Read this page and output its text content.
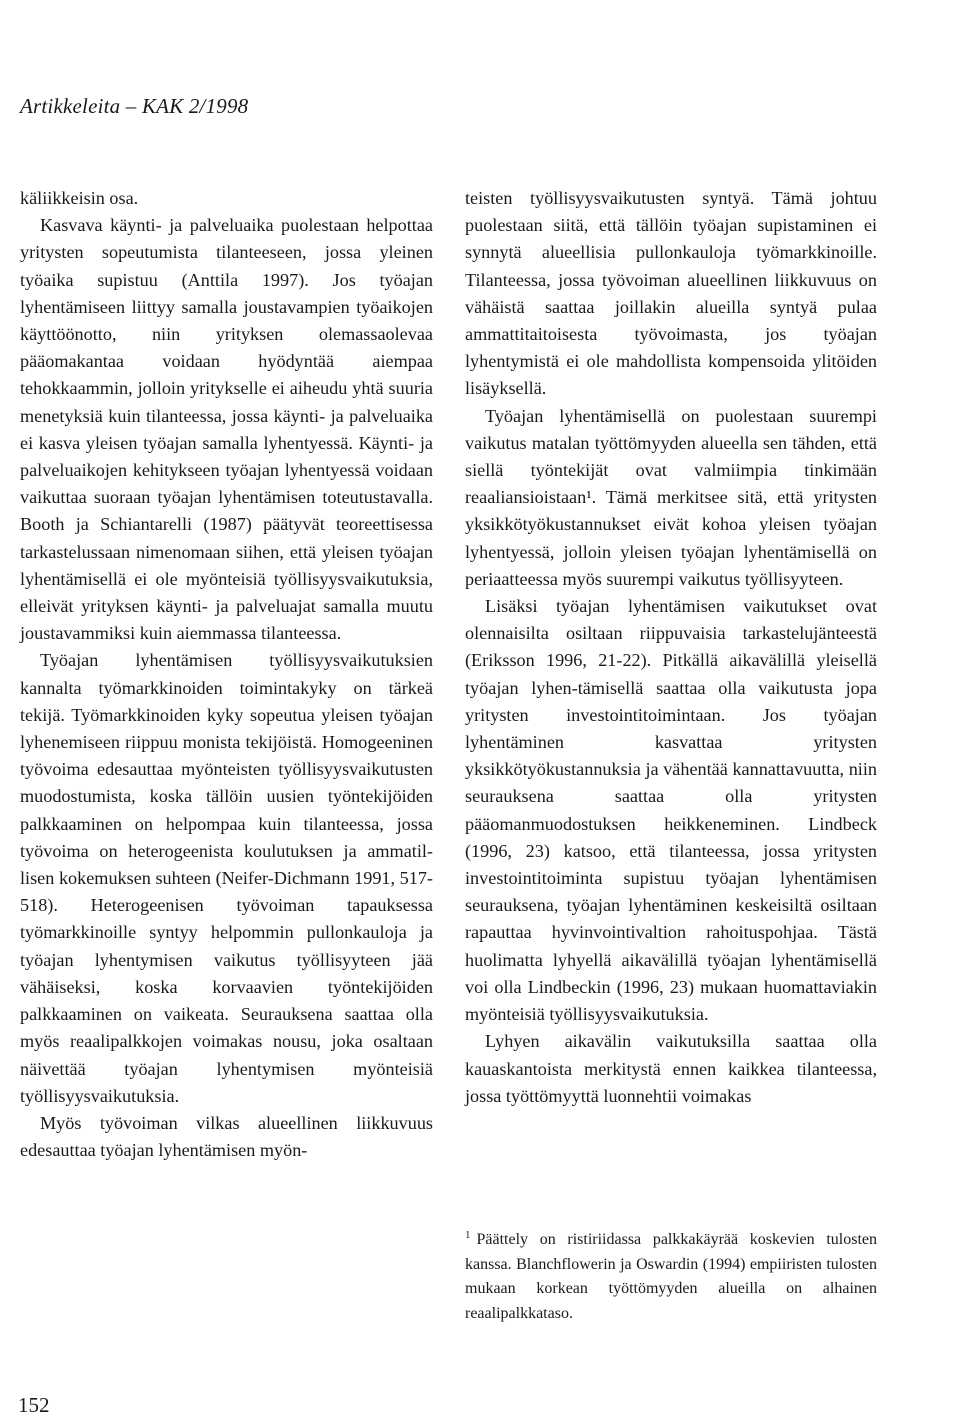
Artikkeleita – KAK 2/1998

käliikkeisin osa.

Kasvava käynti- ja palveluaika puolestaan helpottaa yritysten sopeutumista tilanteeseen, jossa yleinen työaika supistuu (Anttila 1997). Jos työajan lyhentämiseen liittyy samalla joustavampien työaikojen käyttöönotto, niin yrityksen olemassaolevaa pääomakantaa voidaan hyödyntää aiempaa tehokkaammin, jolloin yritykselle ei aiheudu yhtä suuria menetyksiä kuin tilanteessa, jossa käynti- ja palveluaika ei kasva yleisen työajan samalla lyhentyessä. Käynti- ja palveluaikojen kehitykseen työajan lyhentyessä voidaan vaikuttaa suoraan työajan lyhentämisen toteutustavalla. Booth ja Schiantarelli (1987) päätyvät teoreettisessa tarkastelussaan nimenomaan siihen, että yleisen työajan lyhentämisellä ei ole myönteisiä työllisyysvaikutuksia, elleivät yrityksen käynti- ja palveluajat samalla muutu joustavammiksi kuin aiemmassa tilanteessa.

Työajan lyhentämisen työllisyysvaikutuksien kannalta työmarkkinoiden toimintakyky on tärkeä tekijä. Työmarkkinoiden kyky sopeutua yleisen työajan lyhenemiseen riippuu monista tekijöistä. Homogeeninen työvoima edesauttaa myönteisten työllisyysvaikutusten muodostumista, koska tällöin uusien työntekijöiden palkkaaminen on helpompaa kuin tilanteessa, jossa työvoima on heterogeenista koulutuksen ja ammatil-lisen kokemuksen suhteen (Neifer-Dichmann 1991, 517-518). Heterogeenisen työvoiman tapauksessa työmarkkinoille syntyy helpommin pullonkauloja ja työajan lyhentymisen vaikutus työllisyyteen jää vähäiseksi, koska korvaavien työntekijöiden palkkaaminen on vaikeata. Seurauksena saattaa olla myös reaalipalkkojen voimakas nousu, joka osaltaan näivettää työajan lyhentymisen myönteisiä työllisyysvaikutuksia.

Myös työvoiman vilkas alueellinen liikkuvuus edesauttaa työajan lyhentämisen myön-

teisten työllisyysvaikutusten syntyä. Tämä johtuu puolestaan siitä, että tällöin työajan supistaminen ei synnytä alueellisia pullonkauloja työmarkkinoille. Tilanteessa, jossa työvoiman alueellinen liikkuvuus on vähäistä saattaa joillakin alueilla syntyä pulaa ammattitaitoisesta työvoimasta, jos työajan lyhentymistä ei ole mahdollista kompensoida ylitöiden lisäyksellä.

Työajan lyhentämisellä on puolestaan suurempi vaikutus matalan työttömyyden alueella sen tähden, että siellä työntekijät ovat valmiimpia tinkimään reaaliansioistaan¹. Tämä merkitsee sitä, että yritysten yksikkötyökustannukset eivät kohoa yleisen työajan lyhentyessä, jolloin yleisen työajan lyhentämisellä on periaatteessa myös suurempi vaikutus työllisyyteen.

Lisäksi työajan lyhentämisen vaikutukset ovat olennaisilta osiltaan riippuvaisia tarkastelujänteestä (Eriksson 1996, 21-22). Pitkällä aikavälillä yleisellä työajan lyhen-tämisellä saattaa olla vaikutusta jopa yritysten investointitoimintaan. Jos työajan lyhentäminen kasvattaa yritysten yksikkötyökustannuksia ja vähentää kannattavuutta, niin seurauksena saattaa olla yritysten pääomanmuodostuksen heikkeneminen. Lindbeck (1996, 23) katsoo, että tilanteessa, jossa yritysten investointitoiminta supistuu työajan lyhentämisen seurauksena, työajan lyhentäminen keskeisiltä osiltaan rapauttaa hyvinvointivaltion rahoituspohjaa. Tästä huolimatta lyhyellä aikavälillä työajan lyhentämisellä voi olla Lindbeckin (1996, 23) mukaan huomattaviakin myönteisiä työllisyysvaikutuksia.

Lyhyen aikavälin vaikutuksilla saattaa olla kauaskantoista merkitystä ennen kaikkea tilanteessa, jossa työttömyyttä luonnehtii voimakas

$^1$ Päättely on ristiriidassa palkkakäyrää koskevien tulosten kanssa. Blanchflowerin ja Oswardin (1994) empiiristen tulosten mukaan korkean työttömyyden alueilla on alhainen reaalipalkkataso.
152
